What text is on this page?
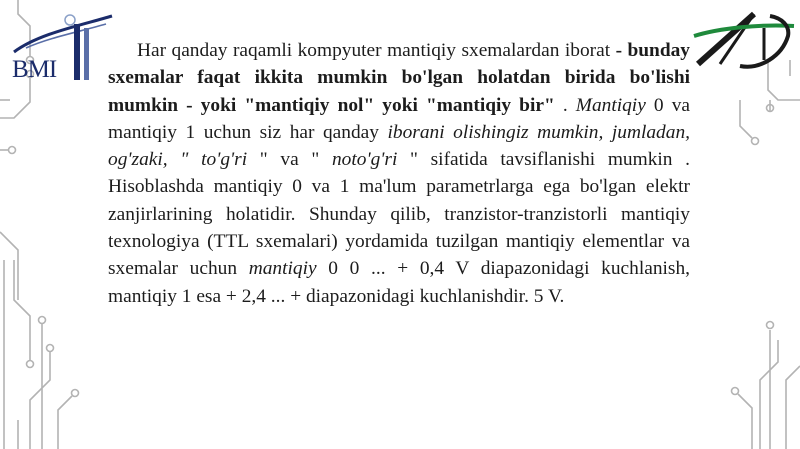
BMI

Har qanday raqamli kompyuter mantiqiy sxemalardan iborat - bunday sxemalar faqat ikkita mumkin bo'lgan holatdan birida bo'lishi mumkin - yoki "mantiqiy nol" yoki "mantiqiy bir" . Mantiqiy 0 va mantiqiy 1 uchun siz har qanday iborani olishingiz mumkin, jumladan, og'zaki, " to'g'ri " va " noto'g'ri " sifatida tavsiflanishi mumkin . Hisoblashda mantiqiy 0 va 1 ma'lum parametrlarga ega bo'lgan elektr zanjirlarining holatidir. Shunday qilib, tranzistor-tranzistorli mantiqiy texnologiya (TTL sxemalari) yordamida tuzilgan mantiqiy elementlar va sxemalar uchun mantiqiy 0 0 ... + 0,4 V diapazonidagi kuchlanish, mantiqiy 1 esa + 2,4 ... + diapazonidagi kuchlanishdir. 5 V.
